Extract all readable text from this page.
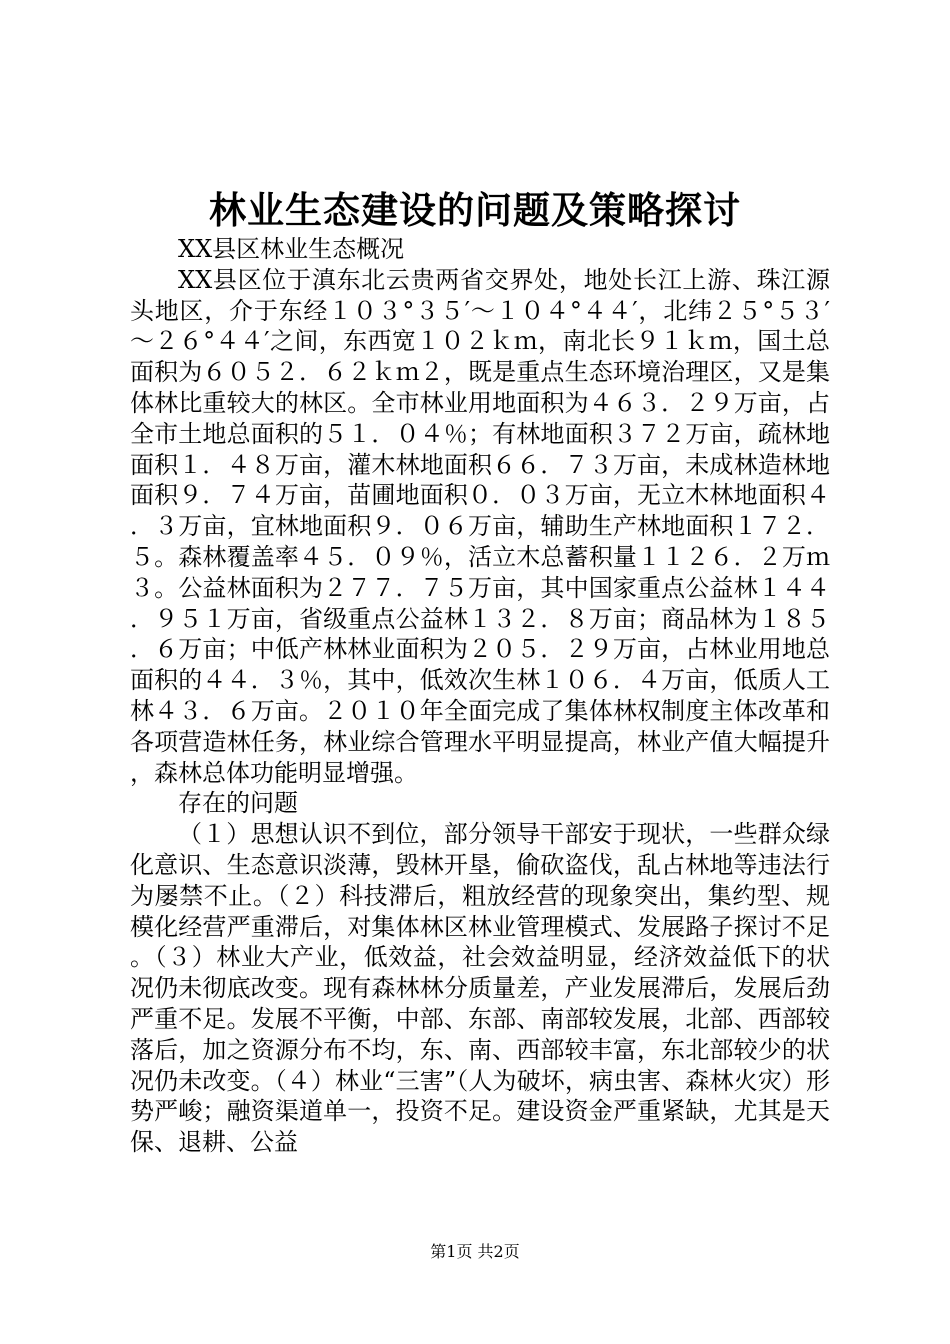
林业生态建设的问题及策略探讨

XX县区林业生态概况

XX县区位于滇东北云贵两省交界处，地处长江上游、珠江源头地区，介于东经１０３°３５′～１０４°４４′，北纬２５°５３′～２６°４４′之间，东西宽１０２ｋｍ，南北长９１ｋｍ，国土总面积为６０５２．６２ｋｍ２，既是重点生态环境治理区，又是集体林比重较大的林区。全市林业用地面积为４６３．２９万亩，占全市土地总面积的５１．０４％；有林地面积３７２万亩，疏林地面积１．４８万亩，灌木林地面积６６．７３万亩，未成林造林地面积９．７４万亩，苗圃地面积０．０３万亩，无立木林地面积４．３万亩，宜林地面积９．０６万亩，辅助生产林地面积１７２．５。森林覆盖率４５．０９％，活立木总蓄积量１１２６．２万ｍ３。公益林面积为２７７．７５万亩，其中国家重点公益林１４４．９５１万亩，省级重点公益林１３２．８万亩；商品林为１８５．６万亩；中低产林林业面积为２０５．２９万亩，占林业用地总面积的４４．３％，其中，低效次生林１０６．４万亩，低质人工林４３．６万亩。２０１０年全面完成了集体林权制度主体改革和各项营造林任务，林业综合管理水平明显提高，林业产值大幅提升，森林总体功能明显增强。

存在的问题

（１）思想认识不到位，部分领导干部安于现状，一些群众绿化意识、生态意识淡薄，毁林开垦，偷砍盗伐，乱占林地等违法行为屡禁不止。（２）科技滞后，粗放经营的现象突出，集约型、规模化经营严重滞后，对集体林区林业管理模式、发展路子探讨不足。（３）林业大产业，低效益，社会效益明显，经济效益低下的状况仍未彻底改变。现有森林林分质量差，产业发展滞后，发展后劲严重不足。发展不平衡，中部、东部、南部较发展，北部、西部较落后，加之资源分布不均，东、南、西部较丰富，东北部较少的状况仍未改变。（４）林业“三害”（人为破坏，病虫害、森林火灾）形势严峻；融资渠道单一，投资不足。建设资金严重紧缺，尤其是天保、退耕、公益

第1页 共2页
